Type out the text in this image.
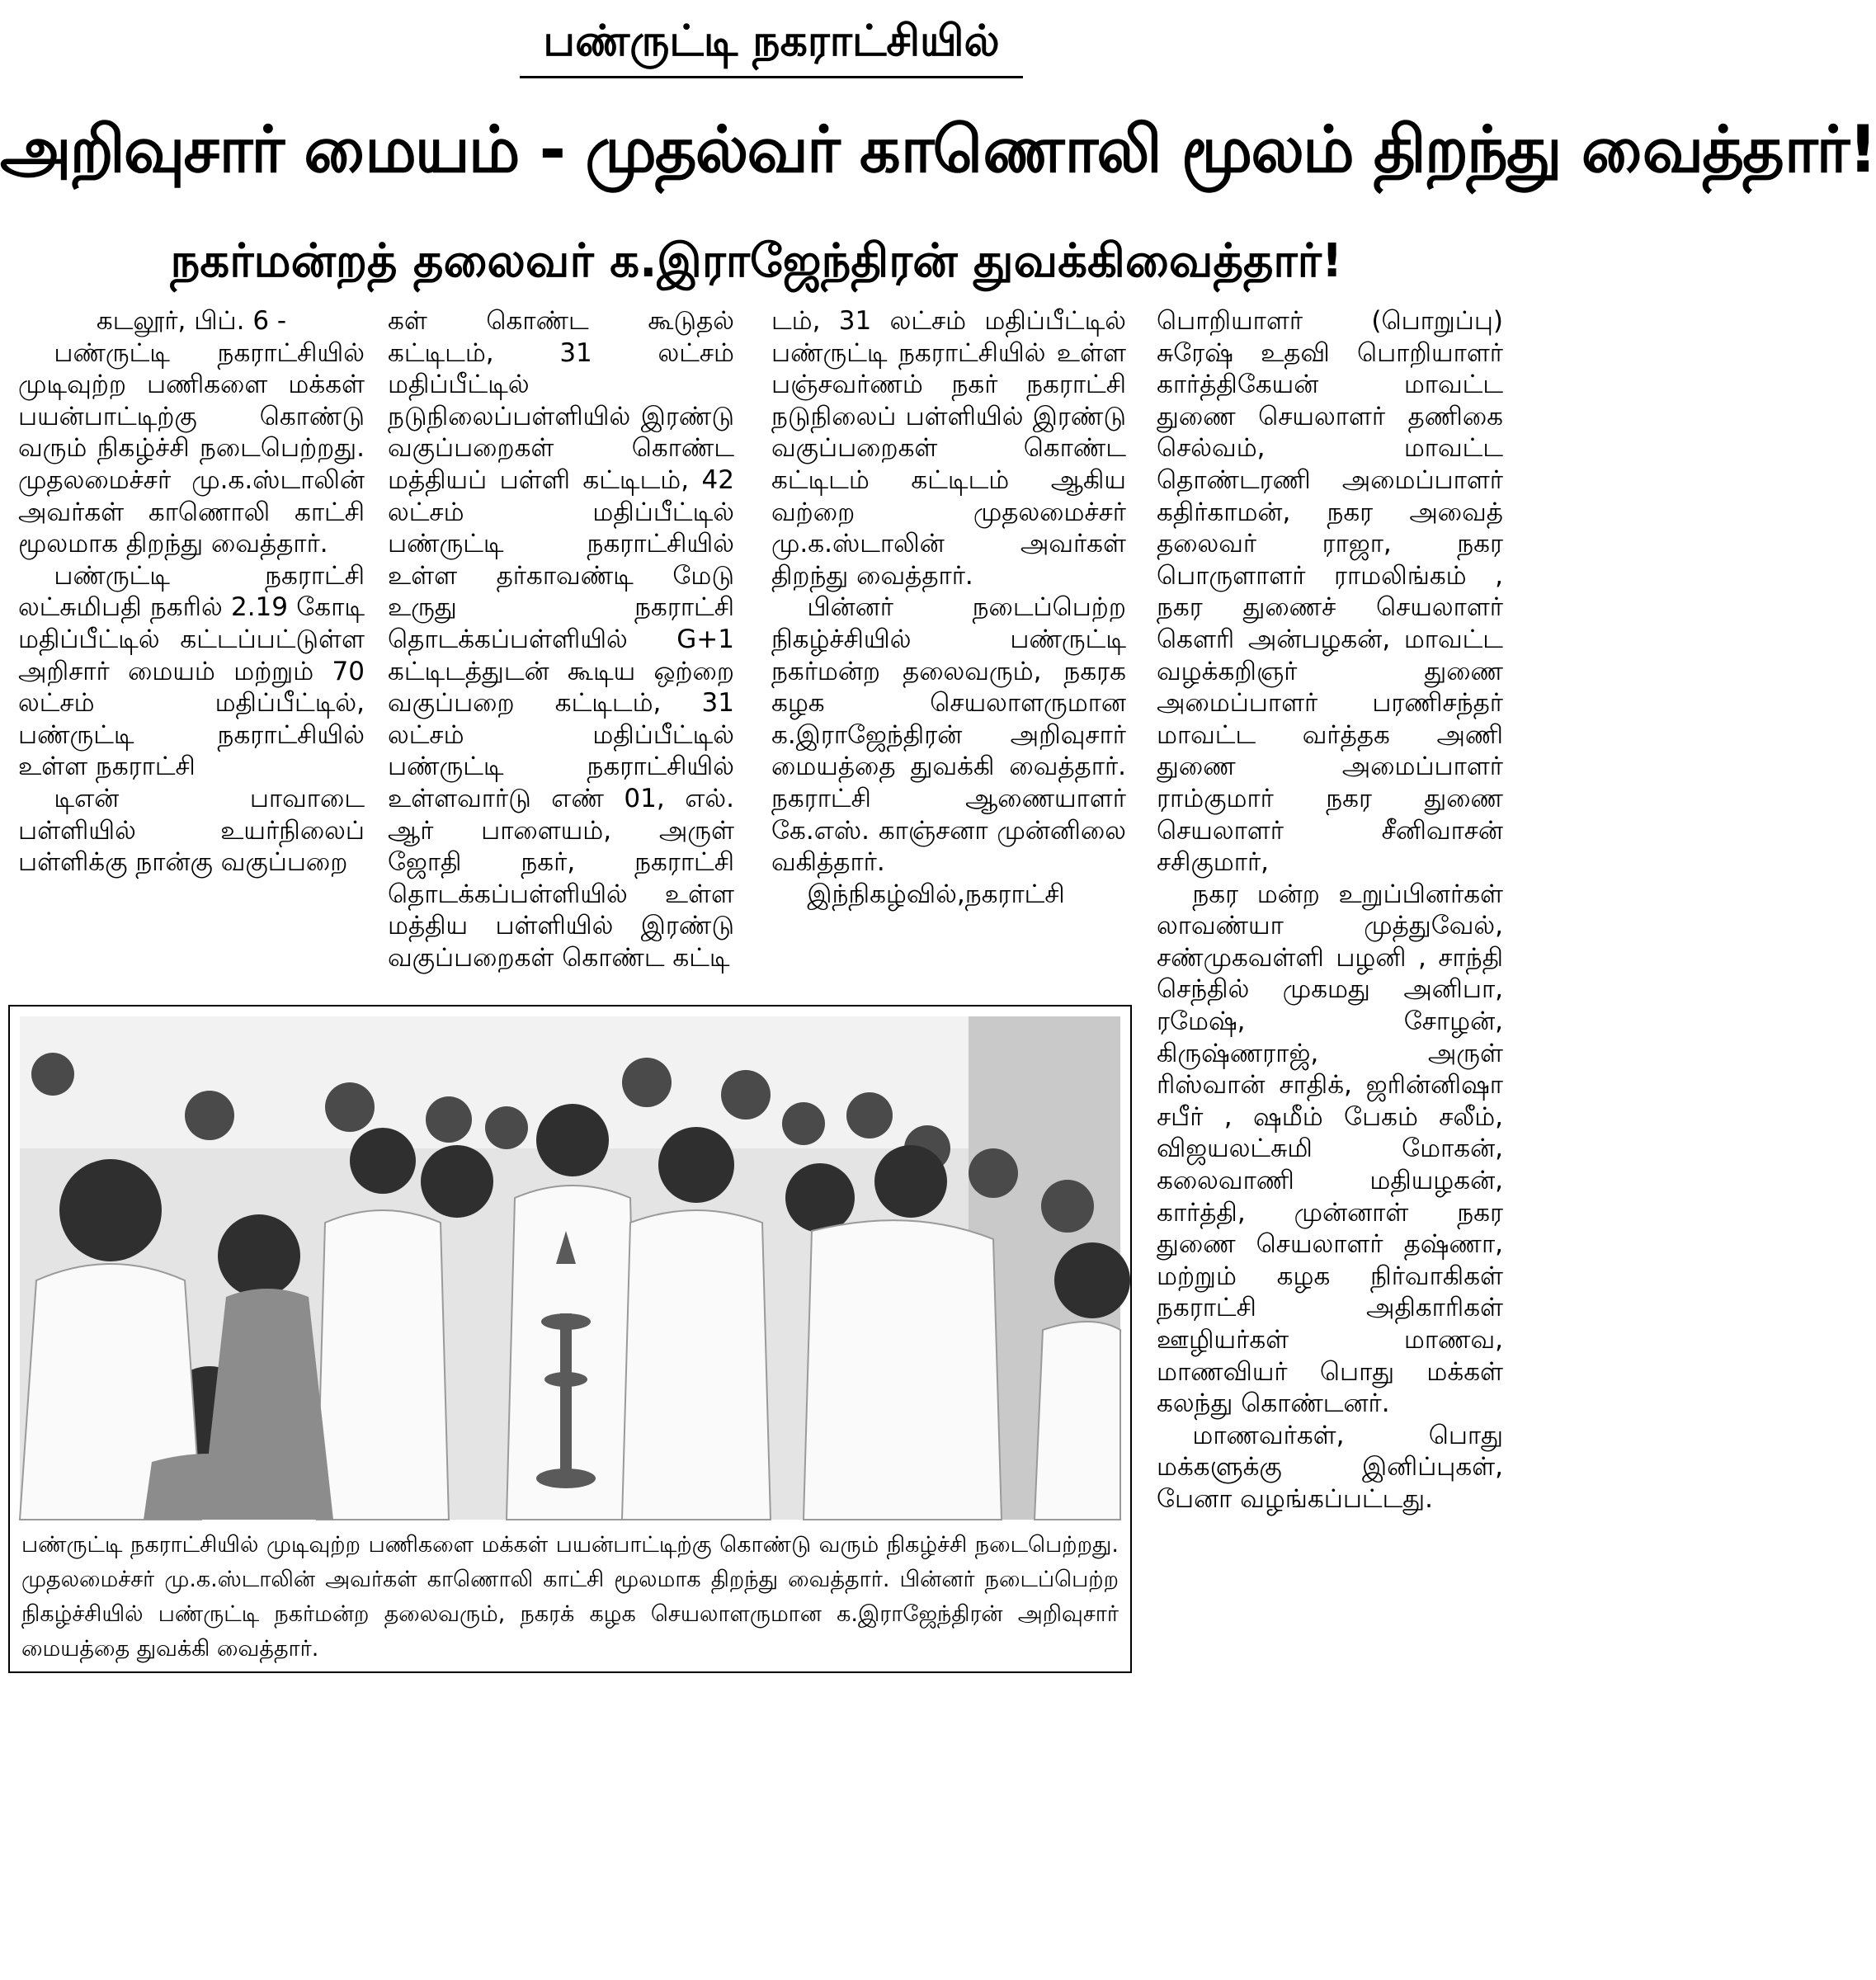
பண்ருட்டி நகராட்சியில்
அறிவுசார் மையம் - முதல்வர் காணொலி மூலம் திறந்து வைத்தார்!
நகர்மன்றத் தலைவர் க.இராஜேந்திரன் துவக்கிவைத்தார்!

கடலூர், பிப். 6 -

பண்ருட்டி நகராட்சியில் முடிவுற்ற பணிகளை மக்கள் பயன்பாட்டிற்கு கொண்டு வரும் நிகழ்ச்சி நடைபெற்றது. முதலமைச்சர் மு.க.ஸ்டாலின் அவர்கள் காணொலி காட்சி மூலமாக திறந்து வைத்தார்.

பண்ருட்டி நகராட்சி லட்சுமிபதி நகரில் 2.19 கோடி மதிப்பீட்டில் கட்டப்பட்டுள்ள அறிசார் மையம் மற்றும் 70 லட்சம் மதிப்பீட்டில், பண்ருட்டி நகராட்சியில் உள்ள நகராட்சி

டிஎன் பாவாடை பள்ளியில் உயர்நிலைப் பள்ளிக்கு நான்கு வகுப்பறை

கள் கொண்ட கூடுதல் கட்டிடம், 31 லட்சம் மதிப்பீட்டில் நடுநிலைப்பள்ளியில் இரண்டு வகுப்பறைகள் கொண்ட மத்தியப் பள்ளி கட்டிடம், 42 லட்சம் மதிப்பீட்டில் பண்ருட்டி நகராட்சியில் உள்ள தர்காவண்டி மேடு உருது நகராட்சி தொடக்கப்பள்ளியில் G+1 கட்டிடத்துடன் கூடிய ஒற்றை வகுப்பறை கட்டிடம், 31 லட்சம் மதிப்பீட்டில் பண்ருட்டி நகராட்சியில் உள்ளவார்டு எண் 01, எல். ஆர் பாளையம், அருள் ஜோதி நகர், நகராட்சி தொடக்கப்பள்ளியில் உள்ள மத்திய பள்ளியில் இரண்டு வகுப்பறைகள் கொண்ட கட்டி

டம், 31 லட்சம் மதிப்பீட்டில் பண்ருட்டி நகராட்சியில் உள்ள பஞ்சவர்ணம் நகர் நகராட்சி நடுநிலைப் பள்ளியில் இரண்டு வகுப்பறைகள் கொண்ட கட்டிடம் கட்டிடம் ஆகிய வற்றை முதலமைச்சர் மு.க.ஸ்டாலின் அவர்கள் திறந்து வைத்தார்.

பின்னர் நடைப்பெற்ற நிகழ்ச்சியில் பண்ருட்டி நகர்மன்ற தலைவரும், நகரக கழக செயலாளருமான க.இராஜேந்திரன் அறிவுசார் மையத்தை துவக்கி வைத்தார். நகராட்சி ஆணையாளர் கே.எஸ். காஞ்சனா முன்னிலை வகித்தார்.

இந்நிகழ்வில்,நகராட்சி

பொறியாளர் (பொறுப்பு) சுரேஷ் உதவி பொறியாளர் கார்த்திகேயன் மாவட்ட துணை செயலாளர் தணிகை செல்வம், மாவட்ட தொண்டரணி அமைப்பாளர் கதிர்காமன், நகர அவைத் தலைவர் ராஜா, நகர பொருளாளர் ராமலிங்கம் , நகர துணைச் செயலாளர் கௌரி அன்பழகன், மாவட்ட வழக்கறிஞர் துணை அமைப்பாளர் பரணிசந்தர் மாவட்ட வர்த்தக அணி துணை அமைப்பாளர் ராம்குமார் நகர துணை செயலாளர் சீனிவாசன் சசிகுமார்,

நகர மன்ற உறுப்பினர்கள் லாவண்யா முத்துவேல், சண்முகவள்ளி பழனி , சாந்தி செந்தில் முகமது அனிபா, ரமேஷ், சோழன், கிருஷ்ணராஜ், அருள் ரிஸ்வான் சாதிக், ஜரின்னிஷா சபீர் , ஷமீம் பேகம் சலீம், விஜயலட்சுமி மோகன், கலைவாணி மதியழகன், கார்த்தி, முன்னாள் நகர துணை செயலாளர் தஷ்ணா, மற்றும் கழக நிர்வாகிகள் நகராட்சி அதிகாரிகள் ஊழியர்கள் மாணவ, மாணவியர் பொது மக்கள் கலந்து கொண்டனர்.

மாணவர்கள், பொது மக்களுக்கு இனிப்புகள், பேனா வழங்கப்பட்டது.

பண்ருட்டி நகராட்சியில் முடிவுற்ற பணிகளை மக்கள் பயன்பாட்டிற்கு கொண்டு வரும் நிகழ்ச்சி நடைபெற்றது. முதலமைச்சர் மு.க.ஸ்டாலின் அவர்கள் காணொலி காட்சி மூலமாக திறந்து வைத்தார். பின்னர் நடைப்பெற்ற நிகழ்ச்சியில் பண்ருட்டி நகர்மன்ற தலைவரும், நகரக் கழக செயலாளருமான க.இராஜேந்திரன் அறிவுசார் மையத்தை துவக்கி வைத்தார்.
